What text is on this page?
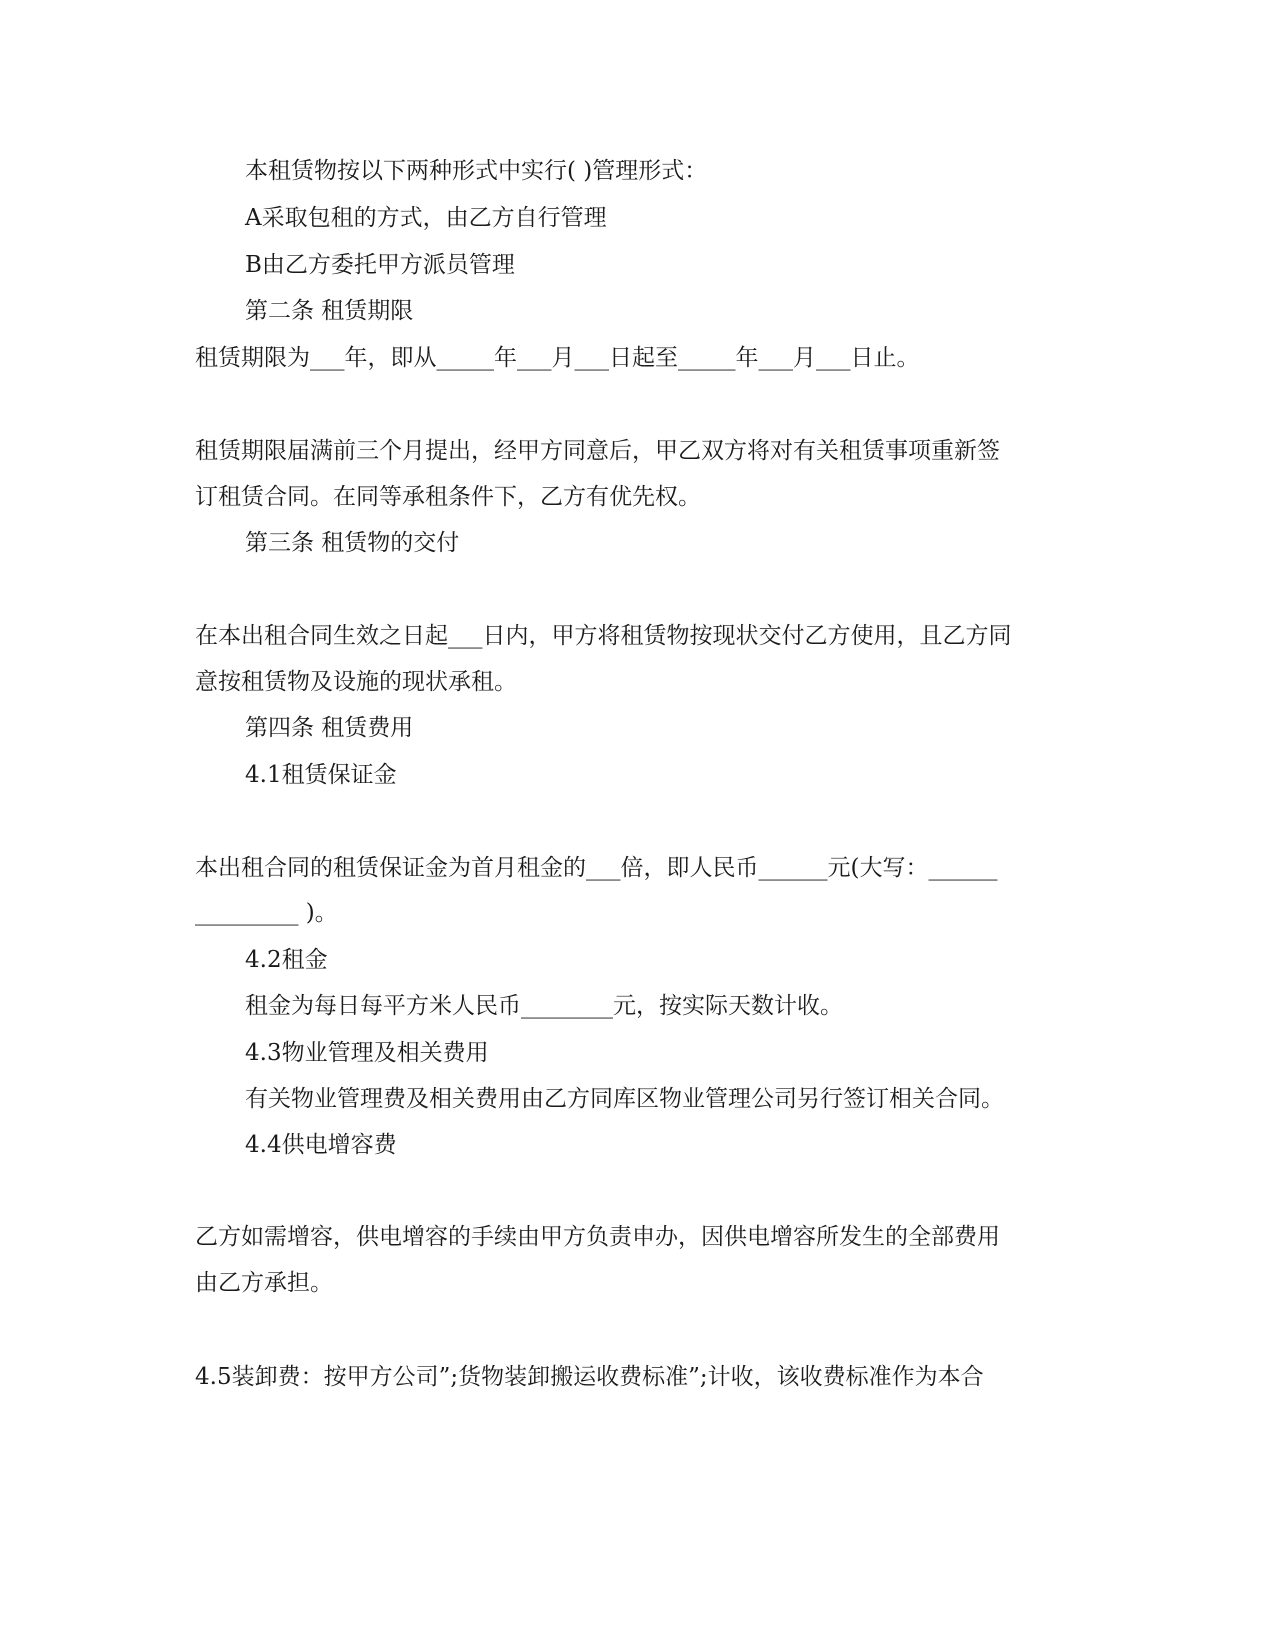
本租赁物按以下两种形式中实行( )管理形式：
A采取包租的方式，由乙方自行管理
B由乙方委托甲方派员管理
第二条 租赁期限
租赁期限为___年，即从_____年___月___日起至_____年___月___日止。
租赁期限届满前三个月提出，经甲方同意后，甲乙双方将对有关租赁事项重新签
订租赁合同。在同等承租条件下，乙方有优先权。
第三条 租赁物的交付
在本出租合同生效之日起___日内，甲方将租赁物按现状交付乙方使用，且乙方同
意按租赁物及设施的现状承租。
第四条 租赁费用
4.1租赁保证金
本出租合同的租赁保证金为首月租金的___倍，即人民币______元(大写：______
_________ )。
4.2租金
租金为每日每平方米人民币________元，按实际天数计收。
4.3物业管理及相关费用
有关物业管理费及相关费用由乙方同库区物业管理公司另行签订相关合同。
4.4供电增容费
乙方如需增容，供电增容的手续由甲方负责申办，因供电增容所发生的全部费用
由乙方承担。
4.5装卸费：按甲方公司”;货物装卸搬运收费标准”;计收，该收费标准作为本合
